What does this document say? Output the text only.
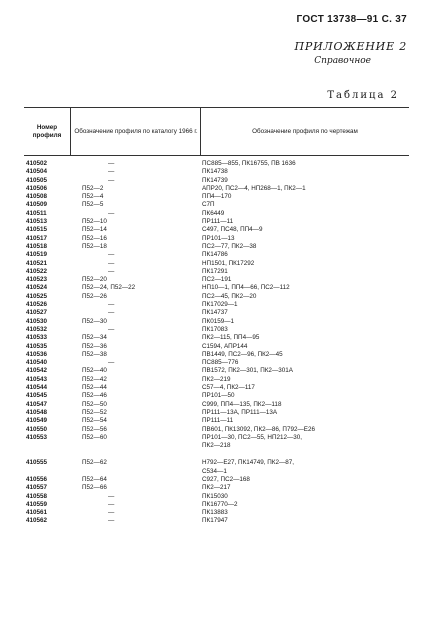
ГОСТ 13738—91 С. 37
ПРИЛОЖЕНИЕ 2
Справочное
Таблица 2
Номер профиля
Обозначение профиля по каталогу 1966 г.	Обозначение профиля по чертежам
410502	—	ПС885—855, ПК16755, ПВ 1636
410504	—	ПК14738
410505	—	ПК14739
410506	П52—2	АПР20, ПС2—4, НП268—1, ПК2—1
410508	П52—4	ПП4—170
410509	П52—5	С7П
410511	—	ПК6449
410513	П52—10	ПР111—11
410515	П52—14	С497, ПС48, ПП4—9
410517	П52—16	ПР101—13
410518	П52—18	ПС2—77, ПК2—38
410519	—	ПК14786
410521	—	НП1501, ПК17292
410522	—	ПК17291
410523	П52—20	ПС2—191
410524	П52—24, П52—22	НП10—1, ПП4—66, ПС2—112
410525	П52—26	ПС2—45, ПК2—20
410526	—	ПК17029—1
410527	—	ПК14737
410530	П52—30	ПК0159—1
410532	—	ПК17083
410533	П52—34	ПК2—115, ПП4—95
410535	П52—36	С1594, АПР144
410536	П52—38	ПВ1449, ПС2—96, ПК2—45
410540	—	ПС885—776
410542	П52—40	ПВ1572, ПК2—301, ПК2—301А
410543	П52—42	ПК2—219
410544	П52—44	С57—4, ПК2—117
410545	П52—46	ПР101—50
410547	П52—50	С999, ПП4—135, ПК2—118
410548	П52—52	ПР111—13А, ПР111—13А
410549	П52—54	ПР111—11
410550	П52—56	ПВ601, ПК13092, ПК2—86, П792—Е26
410553	П52—60	ПР101—30, ПС2—55, НП212—30,
ПК2—218
410555	П52—62	Н792—Е27, ПК14749, ПК2—87,
С534—1
410556	П52—64	С927, ПС2—168
410557	П52—66	ПК2—217
410558	—	ПК15030
410559	—	ПК16770—2
410561	—	ПК13883
410562	—	ПК17947
